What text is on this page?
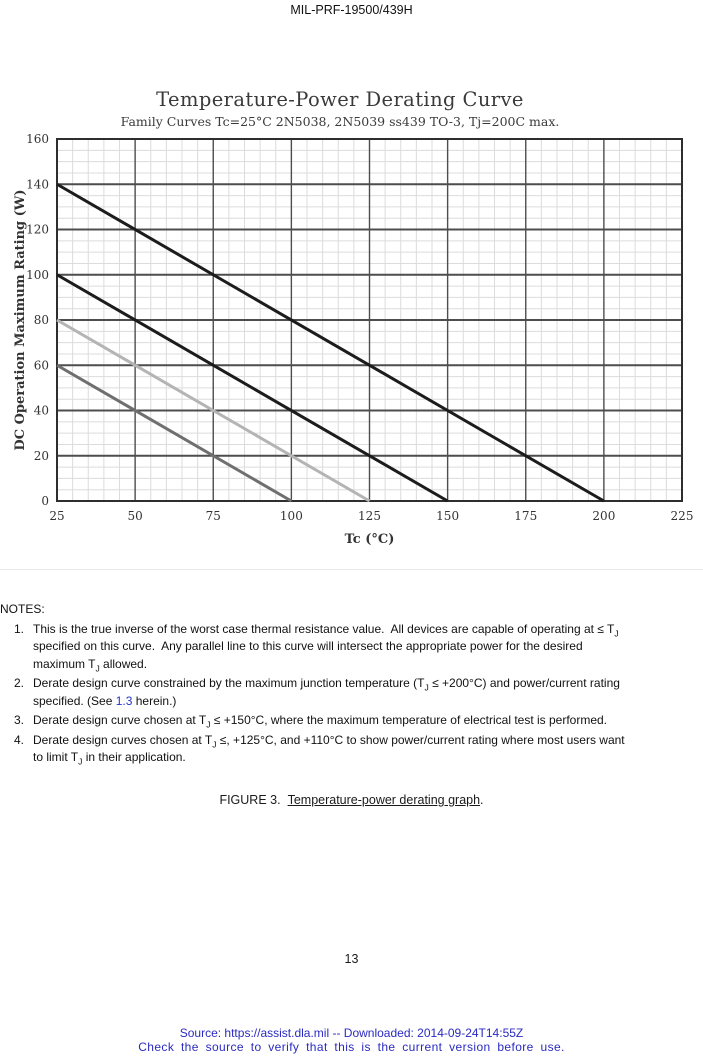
MIL-PRF-19500/439H
Temperature-Power Derating Curve
Family Curves Tc=25°C 2N5038, 2N5039 ss439 TO-3, Tj=200C max.
25	50	75	100	125	150	175	200	225
0
20
40
60
80
100
120
140
160
Tc (°C)
DC Operation Maximum Rating (W)
NOTES:
1. This is the true inverse of the worst case thermal resistance value.  All devices are capable of operating at ≤ $T_J$
specified on this curve.  Any parallel line to this curve will intersect the appropriate power for the desired
maximum $T_J$ allowed.
2. Derate design curve constrained by the maximum junction temperature $(T_J \le +200^\circ C)$ and power/current rating
specified. (See 1.3 herein.)
3. Derate design curve chosen at $T_J \le +150^\circ C$, where the maximum temperature of electrical test is performed.
4. Derate design curves chosen at $T_J$ ≤, +125°C, and +110°C to show power/current rating where most users want
to limit $T_J$ in their application.
FIGURE 3. Temperature-power derating graph.
13
Source: https://assist.dla.mil -- Downloaded: 2014-09-24T14:55Z
Check the source to verify that this is the current version before use.
